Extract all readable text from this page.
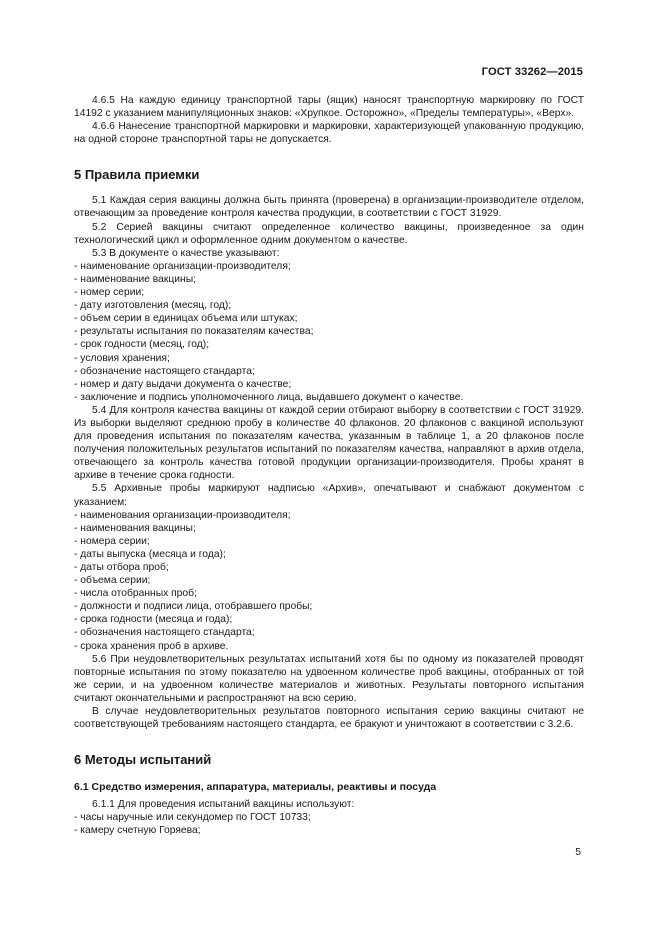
ГОСТ 33262—2015

4.6.5 На каждую единицу транспортной тары (ящик) наносят транспортную маркировку по ГОСТ 14192 с указанием манипуляционных знаков: «Хрупкое. Осторожно», «Пределы температуры», «Верх».

4.6.6 Нанесение транспортной маркировки и маркировки, характеризующей упакованную продукцию, на одной стороне транспортной тары не допускается.

5 Правила приемки

5.1 Каждая серия вакцины должна быть принята (проверена) в организации-производителе отделом, отвечающим за проведение контроля качества продукции, в соответствии с ГОСТ 31929.

5.2 Серией вакцины считают определенное количество вакцины, произведенное за один технологический цикл и оформленное одним документом о качестве.

5.3 В документе о качестве указывают:

- наименование организации-производителя;
- наименование вакцины;
- номер серии;
- дату изготовления (месяц, год);
- объем серии в единицах объема или штуках;
- результаты испытания по показателям качества;
- срок годности (месяц, год);
- условия хранения;
- обозначение настоящего стандарта;
- номер и дату выдачи документа о качестве;
- заключение и подпись уполномоченного лица, выдавшего документ о качестве.

5.4 Для контроля качества вакцины от каждой серии отбирают выборку в соответствии с ГОСТ 31929. Из выборки выделяют среднюю пробу в количестве 40 флаконов. 20 флаконов с вакциной используют для проведения испытания по показателям качества, указанным в таблице 1, а 20 флаконов после получения положительных результатов испытаний по показателям качества, направляют в архив отдела, отвечающего за контроль качества готовой продукции организации-производителя. Пробы хранят в архиве в течение срока годности.

5.5 Архивные пробы маркируют надписью «Архив», опечатывают и снабжают документом с указанием:

- наименования организации-производителя;
- наименования вакцины;
- номера серии;
- даты выпуска (месяца и года);
- даты отбора проб;
- объема серии;
- числа отобранных проб;
- должности и подписи лица, отобравшего пробы;
- срока годности (месяца и года);
- обозначения настоящего стандарта;
- срока хранения проб в архиве.

5.6 При неудовлетворительных результатах испытаний хотя бы по одному из показателей проводят повторные испытания по этому показателю на удвоенном количестве проб вакцины, отобранных от той же серии, и на удвоенном количестве материалов и животных. Результаты повторного испытания считают окончательными и распространяют на всю серию.

В случае неудовлетворительных результатов повторного испытания серию вакцины считают не соответствующей требованиям настоящего стандарта, ее бракуют и уничтожают в соответствии с 3.2.6.

6 Методы испытаний
6.1 Средство измерения, аппаратура, материалы, реактивы и посуда

6.1.1 Для проведения испытаний вакцины используют:

- часы наручные или секундомер по ГОСТ 10733;
- камеру счетную Горяева;
5
